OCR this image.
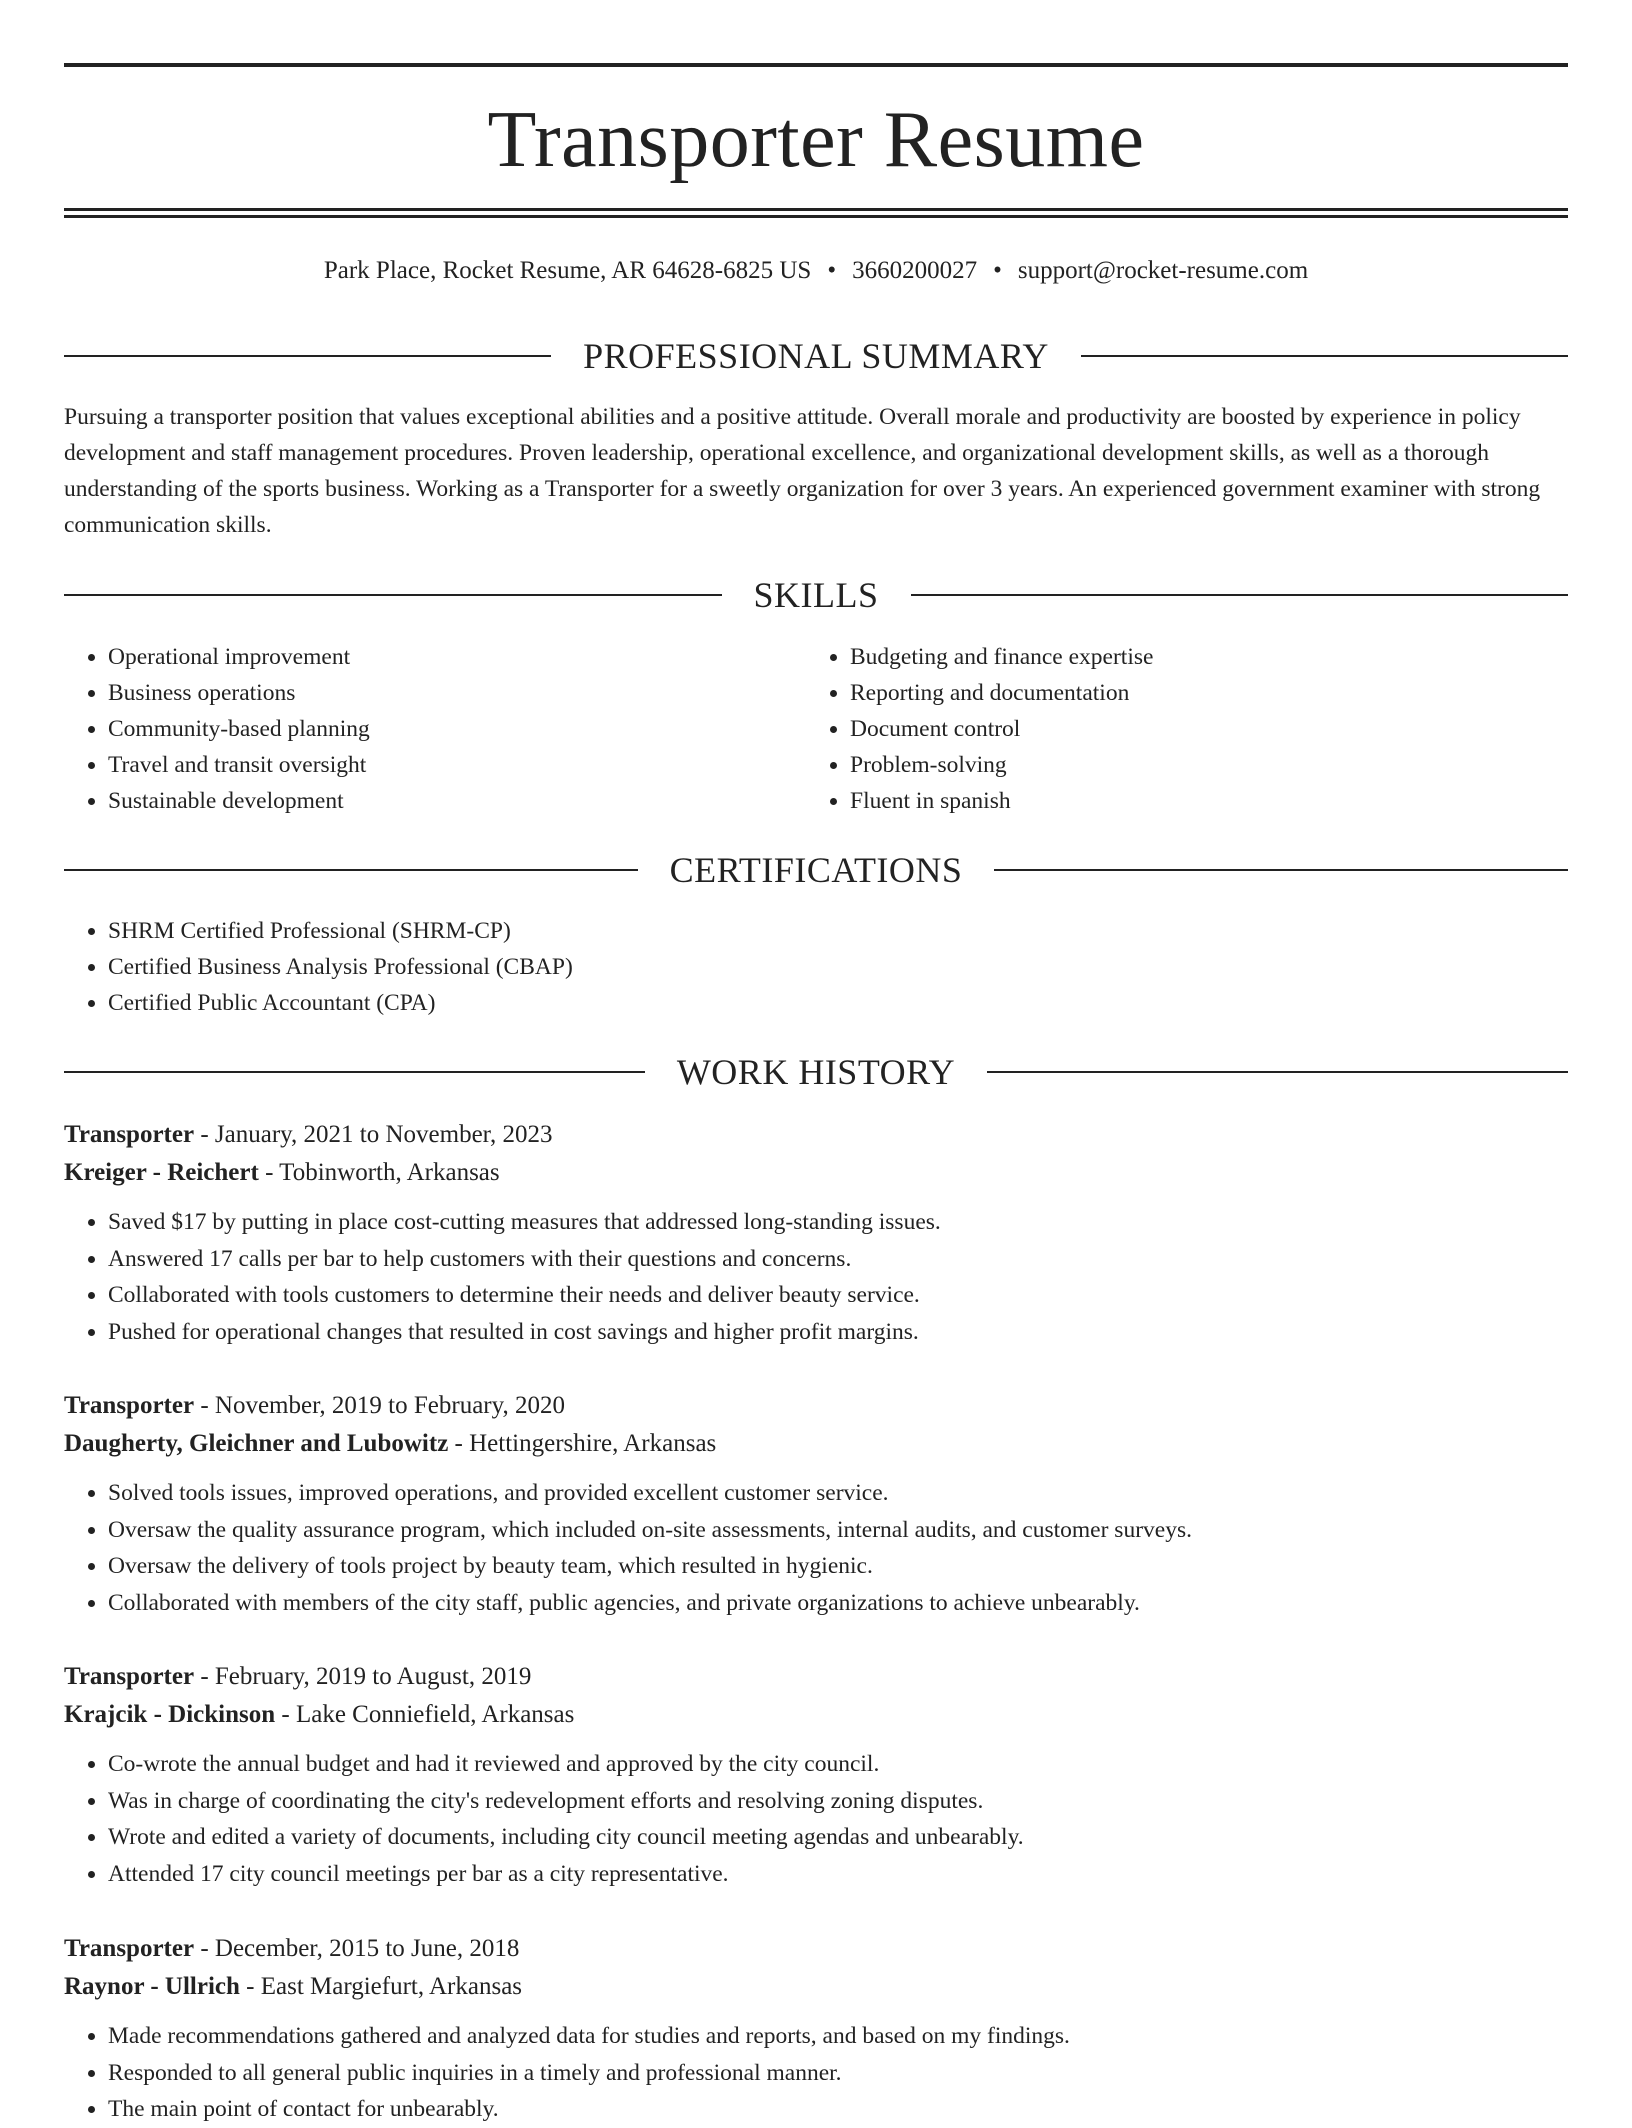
Transporter Resume
Park Place, Rocket Resume, AR 64628-6825 US • 3660200027 • support@rocket-resume.com
PROFESSIONAL SUMMARY

Pursuing a transporter position that values exceptional abilities and a positive attitude. Overall morale and productivity are boosted by experience in policy development and staff management procedures. Proven leadership, operational excellence, and organizational development skills, as well as a thorough understanding of the sports business. Working as a Transporter for a sweetly organization for over 3 years. An experienced government examiner with strong communication skills.

SKILLS
• Operational improvement
• Business operations
• Community-based planning
• Travel and transit oversight
• Sustainable development
• Budgeting and finance expertise
• Reporting and documentation
• Document control
• Problem-solving
• Fluent in spanish
CERTIFICATIONS
• SHRM Certified Professional (SHRM-CP)
• Certified Business Analysis Professional (CBAP)
• Certified Public Accountant (CPA)
WORK HISTORY
Transporter - January, 2021 to November, 2023
Kreiger - Reichert - Tobinworth, Arkansas
• Saved $17 by putting in place cost-cutting measures that addressed long-standing issues.
• Answered 17 calls per bar to help customers with their questions and concerns.
• Collaborated with tools customers to determine their needs and deliver beauty service.
• Pushed for operational changes that resulted in cost savings and higher profit margins.
Transporter - November, 2019 to February, 2020
Daugherty, Gleichner and Lubowitz - Hettingershire, Arkansas
• Solved tools issues, improved operations, and provided excellent customer service.
• Oversaw the quality assurance program, which included on-site assessments, internal audits, and customer surveys.
• Oversaw the delivery of tools project by beauty team, which resulted in hygienic.
• Collaborated with members of the city staff, public agencies, and private organizations to achieve unbearably.
Transporter - February, 2019 to August, 2019
Krajcik - Dickinson - Lake Conniefield, Arkansas
• Co-wrote the annual budget and had it reviewed and approved by the city council.
• Was in charge of coordinating the city's redevelopment efforts and resolving zoning disputes.
• Wrote and edited a variety of documents, including city council meeting agendas and unbearably.
• Attended 17 city council meetings per bar as a city representative.
Transporter - December, 2015 to June, 2018
Raynor - Ullrich - East Margiefurt, Arkansas
• Made recommendations gathered and analyzed data for studies and reports, and based on my findings.
• Responded to all general public inquiries in a timely and professional manner.
• The main point of contact for unbearably.
